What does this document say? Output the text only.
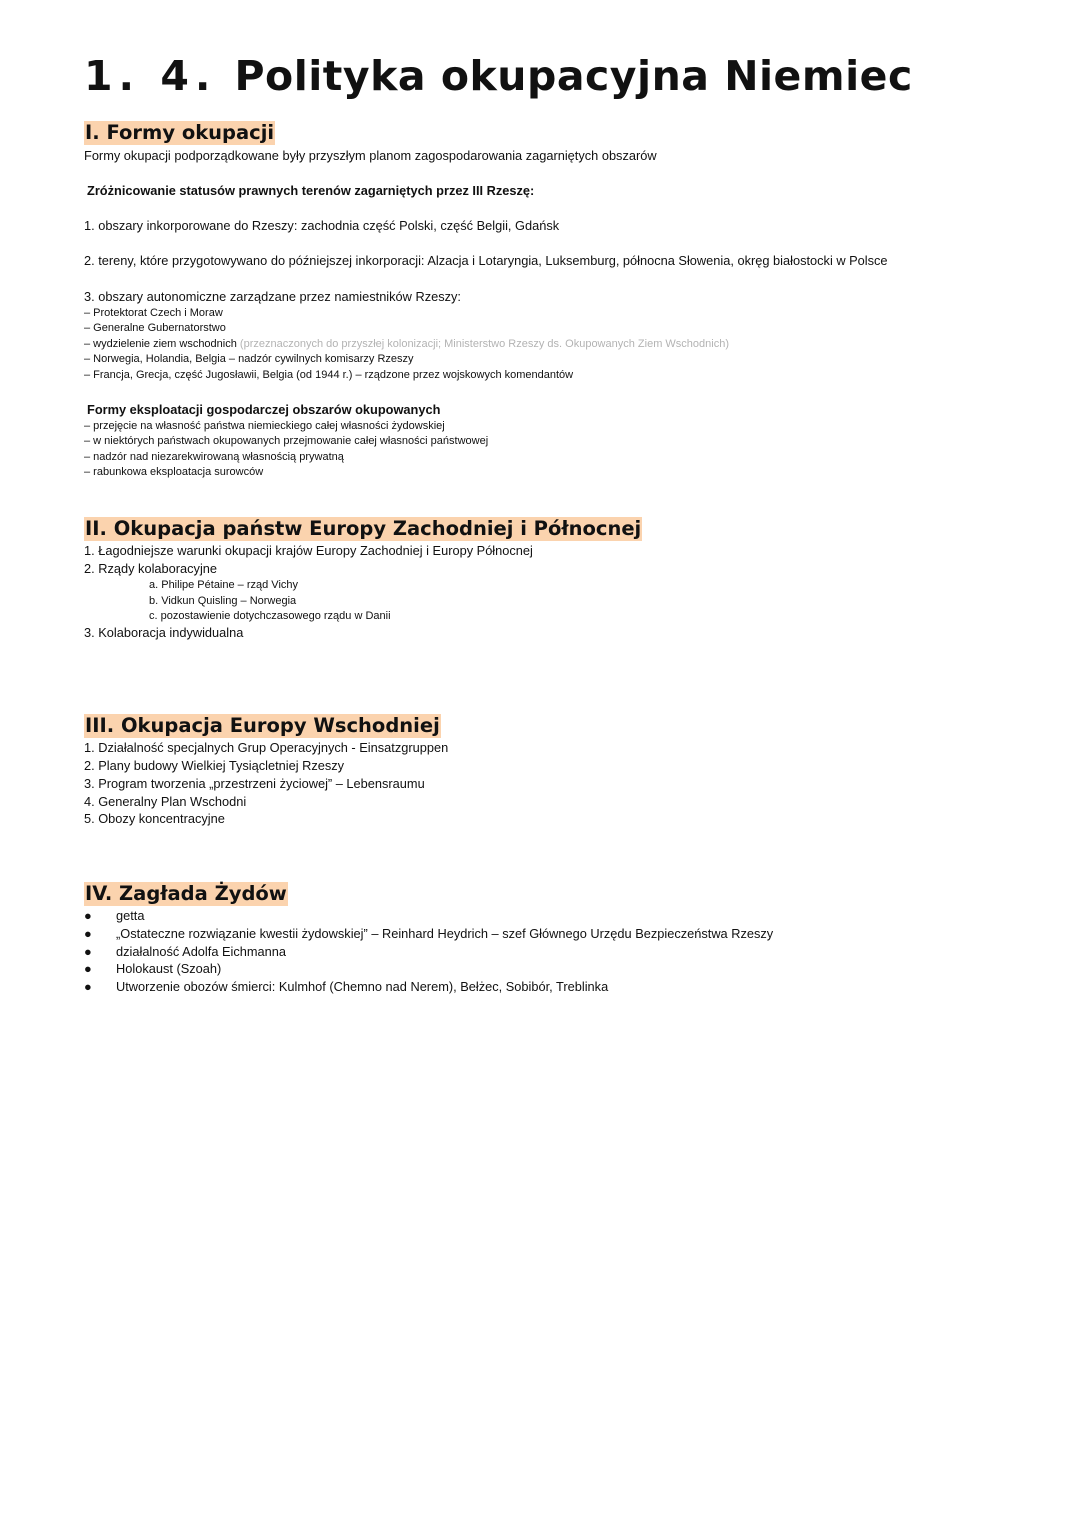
1. 4. Polityka okupacyjna Niemiec
I. Formy okupacji
Formy okupacji podporządkowane były przyszłym planom zagospodarowania zagarniętych obszarów
Zróżnicowanie statusów prawnych terenów zagarniętych przez III Rzeszę:
1. obszary inkorporowane do Rzeszy: zachodnia część Polski, część Belgii, Gdańsk
2. tereny, które przygotowywano do późniejszej inkorporacji: Alzacja i Lotaryngia, Luksemburg, północna Słowenia, okręg białostocki w Polsce
3. obszary autonomiczne zarządzane przez namiestników Rzeszy:
– Protektorat Czech i Moraw
– Generalne Gubernatorstwo
– wydzielenie ziem wschodnich (przeznaczonych do przyszłej kolonizacji; Ministerstwo Rzeszy ds. Okupowanych Ziem Wschodnich)
– Norwegia, Holandia, Belgia – nadzór cywilnych komisarzy Rzeszy
– Francja, Grecja, część Jugosławii, Belgia (od 1944 r.) – rządzone przez wojskowych komendantów
Formy eksploatacji gospodarczej obszarów okupowanych
– przejęcie na własność państwa niemieckiego całej własności żydowskiej
– w niektórych państwach okupowanych przejmowanie całej własności państwowej
– nadzór nad niezarekwirowaną własnością prywatną
– rabunkowa eksploatacja surowców
II. Okupacja państw Europy Zachodniej i Północnej
1. Łagodniejsze warunki okupacji krajów Europy Zachodniej i Europy Północnej
2. Rządy kolaboracyjne
a. Philipe Pétaine – rząd Vichy
b. Vidkun Quisling – Norwegia
c. pozostawienie dotychczasowego rządu w Danii
3. Kolaboracja indywidualna
III. Okupacja Europy Wschodniej
1. Działalność specjalnych Grup Operacyjnych - Einsatzgruppen
2. Plany budowy Wielkiej Tysiącletniej Rzeszy
3. Program tworzenia „przestrzeni życiowej” – Lebensraumu
4. Generalny Plan Wschodni
5. Obozy koncentracyjne
IV. Zagłada Żydów
● getta
● „Ostateczne rozwiązanie kwestii żydowskiej” – Reinhard Heydrich – szef Głównego Urzędu Bezpieczeństwa Rzeszy
● działalność Adolfa Eichmanna
● Holokaust (Szoah)
● Utworzenie obozów śmierci: Kulmhof (Chemno nad Nerem), Bełżec, Sobibór, Treblinka
